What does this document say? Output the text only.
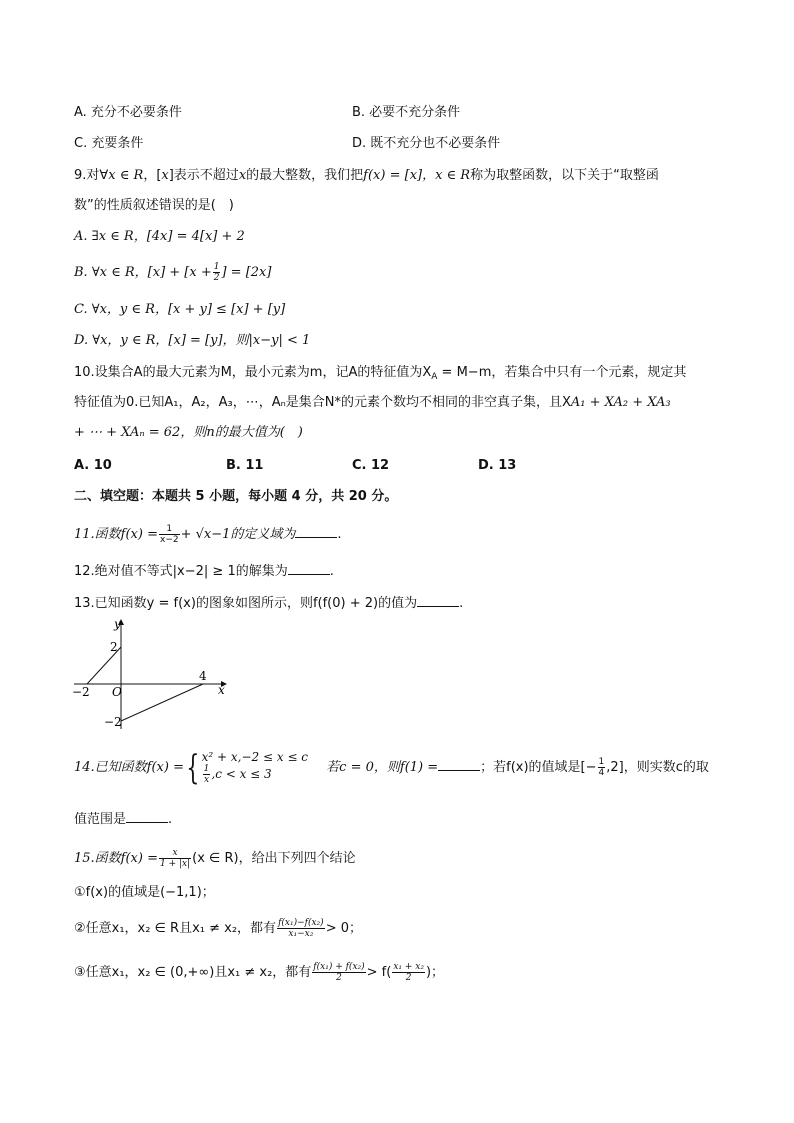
A. 充分不必要条件	B. 必要不充分条件
C. 充要条件	D. 既不充分也不必要条件
9.对∀x ∈ R，[x]表示不超过x的最大整数，我们把f(x) = [x]，x ∈ R称为取整函数，以下关于“取整函
数”的性质叙述错误的是(　)
A. ∃x ∈ R，[4x] = 4[x] + 2
B. ∀x ∈ R，$[x] + [x + \frac{1}{2}$ ] = [2x]
C. ∀x，y ∈ R，[x + y] ≤ [x] + [y]
D. ∀x，y ∈ R，[x] = [y]，则|x−y| < 1
10.设集合A的最大元素为M，最小元素为m，记A的特征值为$X_A = M-m$，若集合中只有一个元素，规定其
特征值为0.已知A₁，A₂，A₃，⋯，Aₙ是集合N*的元素个数均不相同的非空真子集，且XA₁ + XA₂ + XA₃
+ ⋯ + XAₙ = 62，则n的最大值为(　)
A. 10	B. 11	C. 12	D. 13
二、填空题：本题共 5 小题，每小题 4 分，共 20 分。
11.函数$f(x) = \frac{1}{x-2} + √x-1$的定义域为	.
12.绝对值不等式|x−2| ≥ 1的解集为	.
13.已知函数y = f(x)的图象如图所示，则f(f(0) + 2)的值为	.
y
x
O
2
−2
−2
4
14.已知函数f(x) ={ x² + x,−2 ≤ x ≤ c
$\frac{1}{x} ,c < x \le 3$	若c = 0，则f(1) =	；若f(x)的值域是[− $\frac{1}{4} ,2$]，则实数c的取
值范围是	.
15.函数$f(x) = \frac{x}{1 + |x|} (x$ ∈ R)，给出下列四个结论
①f(x)的值域是(−1,1)；
②任意x₁，x₂ ∈ R且x₁ ≠ x₂，都有 $\frac{\text{f(x₁)−f(x₂)}}{\text{x₁−x₂}} > 0$；
③任意x₁，x₂ ∈ (0,+∞)且x₁ ≠ x₂，都有 $\frac{\text{f(x₁) + f(x₂)}}{2} > f( \frac{\text{x₁ + x₂}}{2}$ )；
